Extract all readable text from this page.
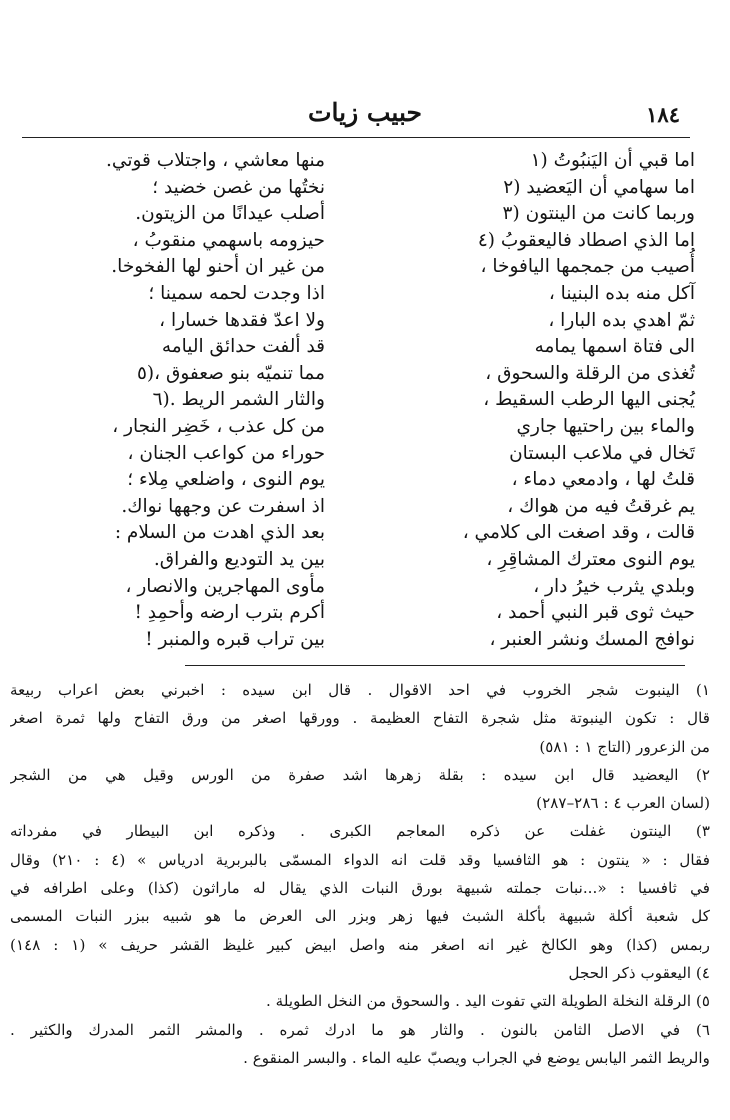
١٨٤
حبيب زيات
اما قبي أن اليَنبُوتُ (١
منها معاشي ، واجتلاب قوتي.
اما سهامي أن اليَعضيد (٢
نختُها من غصن خضيد ؛
وربما كانت من الينتون (٣
أصلب عيدانًا من الزيتون.
اما الذي اصطاد فاليعقوبُ (٤
حيزومه باسهمي منقوبُ ،
أُصيب من جمجمها اليافوخا ،
من غير ان أحنو لها الفخوخا.
آكل منه بده البنينا ،
اذا وجدت لحمه سمينا ؛
ثمّ اهدي بده البارا ،
ولا اعدّ فقدها خسارا ،
الى فتاة اسمها يمامه
قد ألفت حدائق اليامه
تُغذى من الرقلة والسحوق ،
مما تنميّه بنو صعفوق ،(٥
يُجنى اليها الرطب السقيط ،
والثار الشمر الريط .(٦
والماء بين راحتيها جاري
من كل عذب ، خَضِر النجار ،
تَخال في ملاعب البستان
حوراء من كواعب الجنان ،
قلتُ لها ، وادمعي دماء ،
يوم النوى ، واضلعي مِلاء ؛
يم غرقتُ فيه من هواك ،
اذ اسفرت عن وجهها نواك.
قالت ، وقد اصغت الى كلامي ،
بعد الذي اهدت من السلام :
يوم النوى معترك المشاقِرِ ،
بين يد التوديع والفراق.
وبلدي يثرب خيرُ دار ،
مأوى المهاجرين والانصار ،
حيث ثوى قبر النبي أحمد ،
أكرم بترب ارضه وأحمِدِ !
نوافج المسك ونشر العنبر ،
بين تراب قبره والمنبر !
١) الينبوت شجر الخروب في احد الاقوال . قال ابن سيده : اخبرني بعض اعراب ربيعة
قال : تكون الينبوتة مثل شجرة التفاح العظيمة . وورقها اصغر من ورق التفاح ولها ثمرة اصغر
من الزعرور (التاج ١ : ٥٨١)
٢) اليعضيد قال ابن سيده : بقلة زهرها اشد صفرة من الورس وقيل هي من الشجر
(لسان العرب ٤ : ٢٨٦–٢٨٧)
٣) الينتون غفلت عن ذكره المعاجم الكبرى . وذكره ابن البيطار في مفرداته
فقال : « ينتون : هو الثافسيا وقد قلت انه الدواء المسمّى بالبربرية ادرياس » (٤ : ٢١٠) وقال
في ثافسيا : «...نبات جملته شبيهة بورق النبات الذي يقال له ماراثون (كذا) وعلى اطرافه في
كل شعبة أكلة شبيهة بأكلة الشبث فيها زهر وبزر الى العرض ما هو شبيه ببزر النبات المسمى
ربمس (كذا) وهو الكالخ غير انه اصغر منه واصل ابيض كبير غليظ القشر حريف » (١ : ١٤٨)
٤) اليعقوب ذكر الحجل
٥) الرقلة النخلة الطويلة التي تفوت اليد . والسحوق من النخل الطويلة .
٦) في الاصل الثامن بالنون . والثار هو ما ادرك ثمره . والمشر الثمر المدرك والكثير .
والريط الثمر اليابس يوضع في الجراب ويصبّ عليه الماء . والبسر المنقوع .
